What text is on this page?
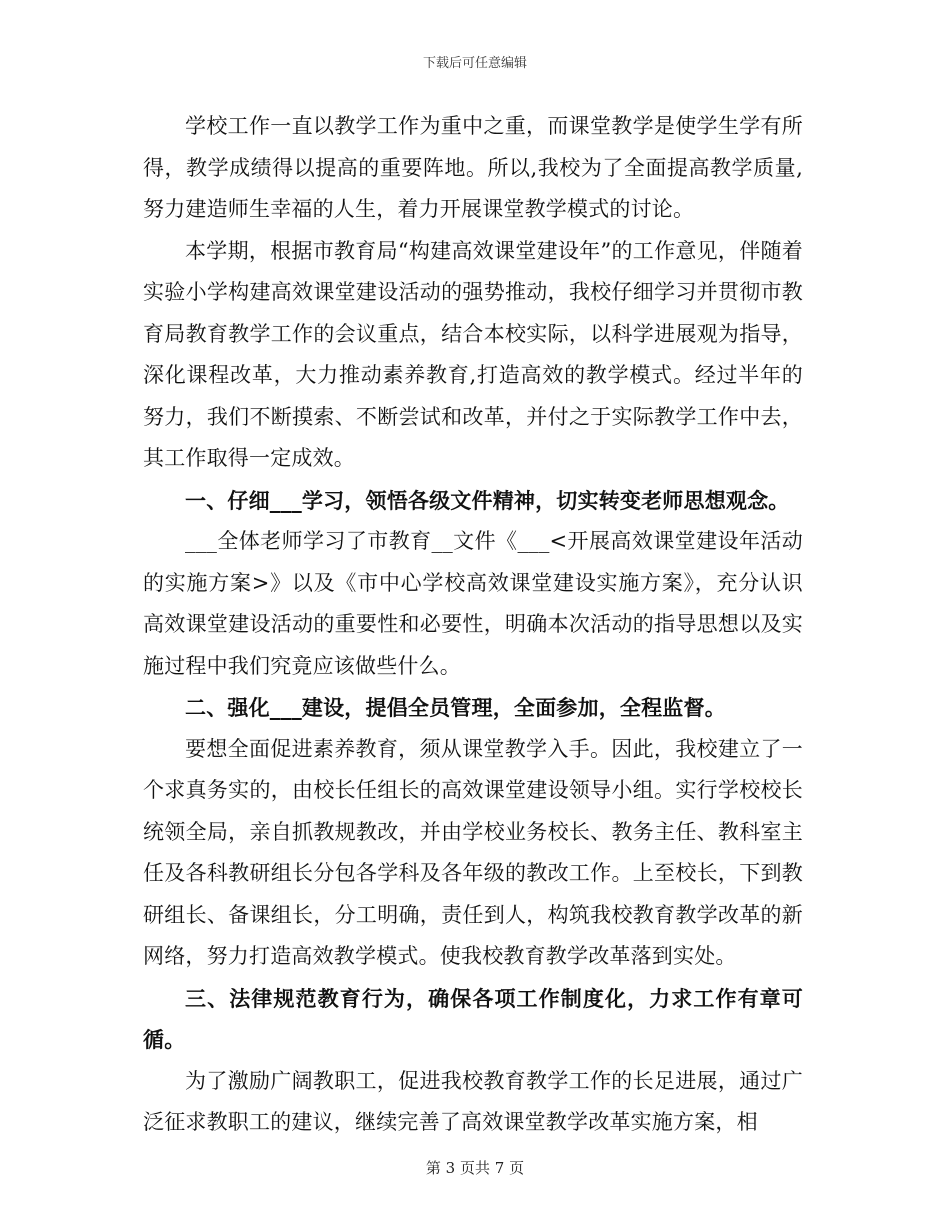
下载后可任意编辑

学校工作一直以教学工作为重中之重，而课堂教学是使学生学有所得，教学成绩得以提高的重要阵地。所以,我校为了全面提高教学质量,努力建造师生幸福的人生，着力开展课堂教学模式的讨论。

本学期，根据市教育局“构建高效课堂建设年”的工作意见，伴随着实验小学构建高效课堂建设活动的强势推动，我校仔细学习并贯彻市教育局教育教学工作的会议重点，结合本校实际，以科学进展观为指导，深化课程改革，大力推动素养教育,打造高效的教学模式。经过半年的努力，我们不断摸索、不断尝试和改革，并付之于实际教学工作中去，其工作取得一定成效。

一、仔细___学习，领悟各级文件精神，切实转变老师思想观念。

___全体老师学习了市教育__文件《___<开展高效课堂建设年活动的实施方案>》以及《市中心学校高效课堂建设实施方案》，充分认识高效课堂建设活动的重要性和必要性，明确本次活动的指导思想以及实施过程中我们究竟应该做些什么。

二、强化___建设，提倡全员管理，全面参加，全程监督。

要想全面促进素养教育，须从课堂教学入手。因此，我校建立了一个求真务实的，由校长任组长的高效课堂建设领导小组。实行学校校长统领全局，亲自抓教规教改，并由学校业务校长、教务主任、教科室主任及各科教研组长分包各学科及各年级的教改工作。上至校长，下到教研组长、备课组长，分工明确，责任到人，构筑我校教育教学改革的新网络，努力打造高效教学模式。使我校教育教学改革落到实处。

三、法律规范教育行为，确保各项工作制度化，力求工作有章可循。

为了激励广阔教职工，促进我校教育教学工作的长足进展，通过广泛征求教职工的建议，继续完善了高效课堂教学改革实施方案，相

第 3 页共 7 页
